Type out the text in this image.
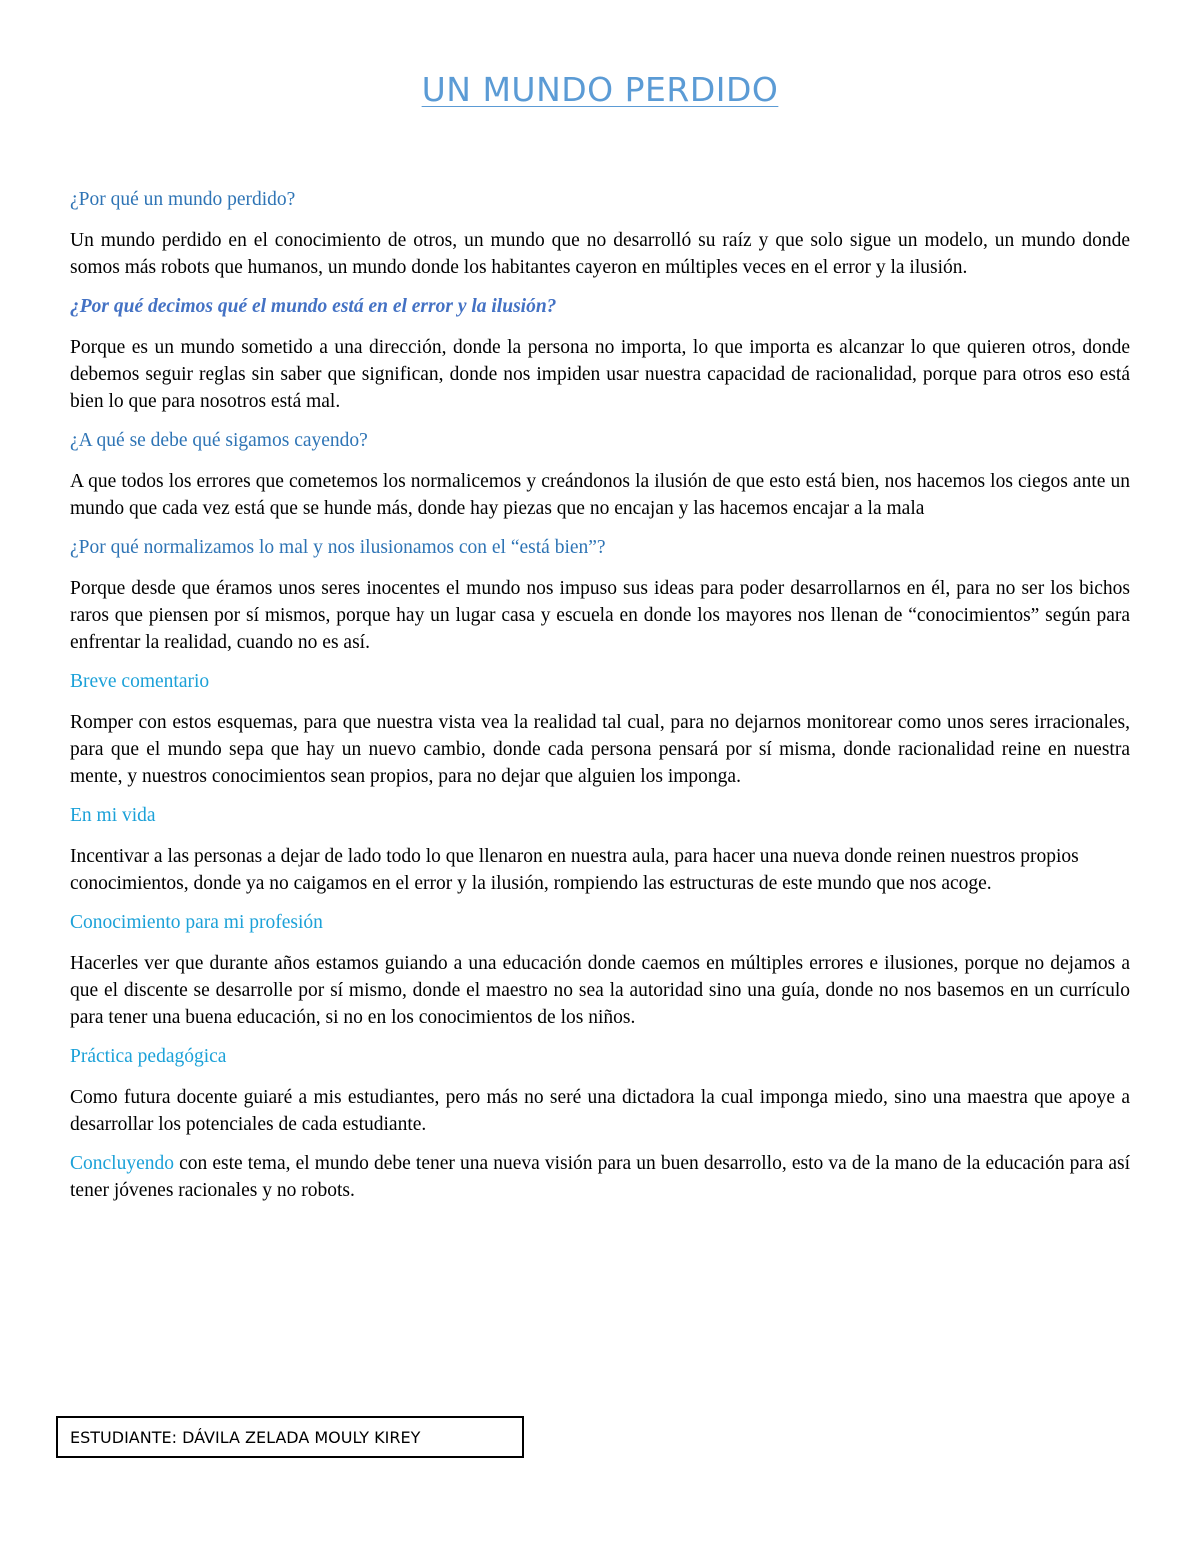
UN MUNDO PERDIDO
¿Por qué un mundo perdido?
Un mundo perdido en el conocimiento de otros, un mundo que no desarrolló su raíz y que solo sigue un modelo, un mundo donde somos más robots que humanos, un mundo donde los habitantes cayeron en múltiples veces en el error y la ilusión.
¿Por qué decimos qué el mundo está en el error y la ilusión?
Porque es un mundo sometido a una dirección, donde la persona no importa, lo que importa es alcanzar lo que quieren otros, donde debemos seguir reglas sin saber que significan, donde nos impiden usar nuestra capacidad de racionalidad, porque para otros eso está bien lo que para nosotros está mal.
¿A qué se debe qué sigamos cayendo?
A que todos los errores que cometemos los normalicemos y creándonos la ilusión de que esto está bien, nos hacemos los ciegos ante un mundo que cada vez está que se hunde más, donde hay piezas que no encajan y las hacemos encajar a la mala
¿Por qué normalizamos lo mal y nos ilusionamos con el “está bien”?
Porque desde que éramos unos seres inocentes el mundo nos impuso sus ideas para poder desarrollarnos en él, para no ser los bichos raros que piensen por sí mismos, porque hay un lugar casa y escuela en donde los mayores nos llenan de “conocimientos” según para enfrentar la realidad, cuando no es así.
Breve comentario
Romper con estos esquemas, para que nuestra vista vea la realidad tal cual, para no dejarnos monitorear como unos seres irracionales, para que el mundo sepa que hay un nuevo cambio, donde cada persona pensará por sí misma, donde racionalidad reine en nuestra mente, y nuestros conocimientos sean propios, para no dejar que alguien los imponga.
En mi vida
Incentivar a las personas a dejar de lado todo lo que llenaron en nuestra aula, para hacer una nueva donde reinen nuestros propios conocimientos, donde ya no caigamos en el error y la ilusión, rompiendo las estructuras de este mundo que nos acoge.
Conocimiento para mi profesión
Hacerles ver que durante años estamos guiando a una educación donde caemos en múltiples errores e ilusiones, porque no dejamos a que el discente se desarrolle por sí mismo, donde el maestro no sea la autoridad sino una guía, donde no nos basemos en un currículo para tener una buena educación, si no en los conocimientos de los niños.
Práctica pedagógica
Como futura docente guiaré a mis estudiantes, pero más no seré una dictadora la cual imponga miedo, sino una maestra que apoye a desarrollar los potenciales de cada estudiante.
Concluyendo con este tema, el mundo debe tener una nueva visión para un buen desarrollo, esto va de la mano de la educación para así tener jóvenes racionales y no robots.
ESTUDIANTE: DÁVILA ZELADA MOULY KIREY
